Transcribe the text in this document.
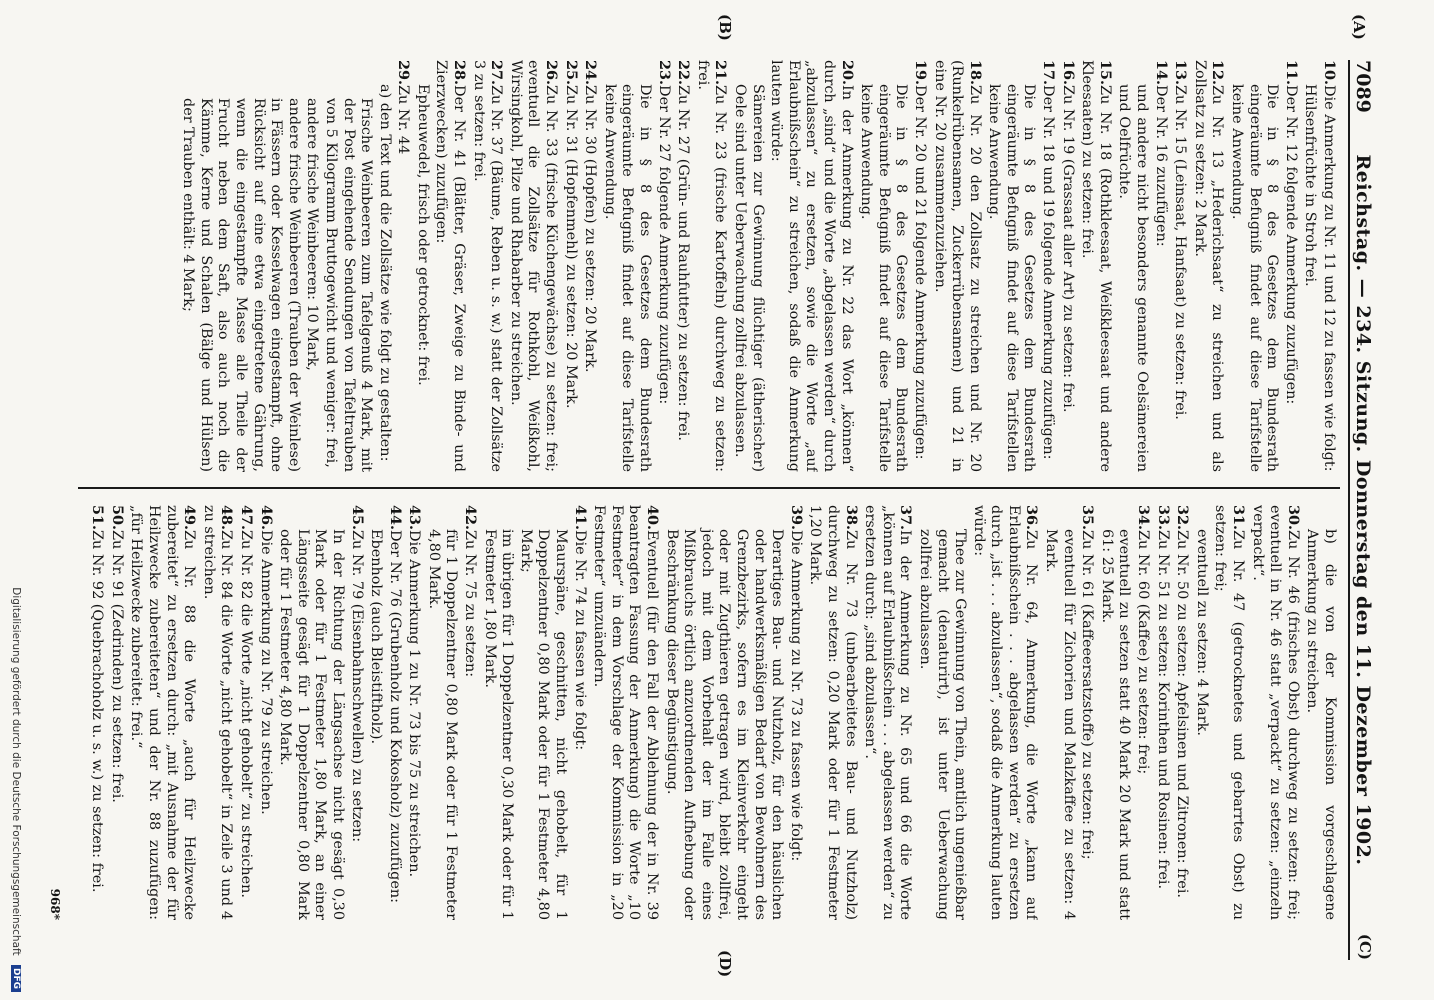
7089
Reichstag. — 234. Sitzung. Donnerstag den 11. Dezember 1902.
(C)
(A)
(B)
(D)
10.Die Anmerkung zu Nr. 11 und 12 zu fassen wie folgt:
Hülsenfrüchte in Stroh frei.
11.Der Nr. 12 folgende Anmerkung zuzufügen:
Die in § 8 des Gesetzes dem Bundesrath eingeräumte Befugniß findet auf diese Tarifstelle keine Anwendung.
12.Zu Nr. 13 „Hederichsaat“ zu streichen und als Zollsatz zu setzen: 2 Mark.
13.Zu Nr. 15 (Leinsaat, Hanfsaat) zu setzen: frei.
14.Der Nr. 16 zuzufügen:
und andere nicht besonders genannte Oelsämereien und Oelfrüchte.
15.Zu Nr. 18 (Rothkleesaat, Weißkleesaat und andere Kleesaaten) zu setzen: frei.
16.Zu Nr. 19 (Grassaat aller Art) zu setzen: frei.
17.Der Nr. 18 und 19 folgende Anmerkung zuzufügen:
Die in § 8 des Gesetzes dem Bundesrath eingeräumte Befugniß findet auf diese Tarifstellen keine Anwendung.
18.Zu Nr. 20 den Zollsatz zu streichen und Nr. 20 (Runkelrübensamen, Zuckerrübensamen) und 21 in eine Nr. 20 zusammenzuziehen.
19.Der Nr. 20 und 21 folgende Anmerkung zuzufügen:
Die in § 8 des Gesetzes dem Bundesrath eingeräumte Befugniß findet auf diese Tarifstelle keine Anwendung.
20.In der Anmerkung zu Nr. 22 das Wort „können“ durch „sind“ und die Worte „abgelassen werden“ durch „abzulassen“ zu ersetzen, sowie die Worte „auf Erlaubnißschein“ zu streichen, sodaß die Anmerkung lauten würde:
Sämereien zur Gewinnung flüchtiger (ätherischer) Oele sind unter Ueberwachung zollfrei abzulassen.
21.Zu Nr. 23 (frische Kartoffeln) durchweg zu setzen: frei.
22.Zu Nr. 27 (Grün- und Rauhfutter) zu setzen: frei.
23.Der Nr. 27 folgende Anmerkung zuzufügen:
Die in § 8 des Gesetzes dem Bundesrath eingeräumte Befugniß findet auf diese Tarifstelle keine Anwendung.
24.Zu Nr. 30 (Hopfen) zu setzen: 20 Mark.
25.Zu Nr. 31 (Hopfenmehl) zu setzen: 20 Mark.
26.Zu Nr. 33 (frische Küchengewächse) zu setzen: frei; eventuell die Zollsätze für Rothkohl, Weißkohl, Wirsingkohl, Pilze und Rhabarber zu streichen.
27.Zu Nr. 37 (Bäume, Reben u. s. w.) statt der Zollsätze 3 zu setzen: frei.
28.Der Nr. 41 (Blätter, Gräser, Zweige zu Binde- und Zierzwecken) zuzufügen:
Epheuwedel, frisch oder getrocknet: frei.
29.Zu Nr. 44
a) den Text und die Zollsätze wie folgt zu gestalten:
Frische Weinbeeren zum Tafelgenuß 4 Mark, mit der Post eingehende Sendungen von Tafeltrauben von 5 Kilogramm Bruttogewicht und weniger: frei,
andere frische Weinbeeren: 10 Mark,
andere frische Weinbeeren (Trauben der Weinlese) in Fässern oder Kesselwagen eingestampft, ohne Rücksicht auf eine etwa eingetretene Gährung, wenn die eingestampfte Masse alle Theile der Frucht neben dem Saft, also auch noch die Kämme, Kerne und Schalen (Bälge und Hülsen) der Trauben enthält: 4 Mark;
b) die von der Kommission vorgeschlagene Anmerkung zu streichen.
30.Zu Nr. 46 (frisches Obst) durchweg zu setzen: frei; eventuell in Nr. 46 statt „verpackt“ zu setzen: „einzeln verpackt“.
31.Zu Nr. 47 (getrocknetes und gebarrtes Obst) zu setzen: frei;
eventuell zu setzen: 4 Mark.
32.Zu Nr. 50 zu setzen: Apfelsinen und Zitronen: frei.
33.Zu Nr. 51 zu setzen: Korinthen und Rosinen: frei.
34.Zu Nr. 60 (Kaffee) zu setzen: frei;
eventuell zu setzen statt 40 Mark 20 Mark und statt 61: 25 Mark.
35.Zu Nr. 61 (Kaffeeersatzstoffe) zu setzen: frei;
eventuell für Zichorien und Malzkaffee zu setzen: 4 Mark.
36.Zu Nr. 64, Anmerkung, die Worte „kann auf Erlaubnißschein . . . abgelassen werden“ zu ersetzen durch „ist . . . abzulassen“, sodaß die Anmerkung lauten würde:
Thee zur Gewinnung von Thein, amtlich ungenießbar gemacht (denaturirt), ist unter Ueberwachung zollfrei abzulassen.
37.In der Anmerkung zu Nr. 65 und 66 die Worte „können auf Erlaubnißschein . . . abgelassen werden“ zu ersetzen durch: „sind abzulassen“.
38.Zu Nr. 73 (unbearbeitetes Bau- und Nutzholz) durchweg zu setzen: 0,20 Mark oder für 1 Festmeter 1,20 Mark.
39.Die Anmerkung zu Nr. 73 zu fassen wie folgt:
Derartiges Bau- und Nutzholz, für den häuslichen oder handwerksmäßigen Bedarf von Bewohnern des Grenzbezirks, sofern es im Kleinverkehr eingeht oder mit Zugthieren getragen wird, bleibt zollfrei, jedoch mit dem Vorbehalt der im Falle eines Mißbrauchs örtlich anzuordnenden Aufhebung oder Beschränkung dieser Begünstigung.
40.Eventuell (für den Fall der Ablehnung der in Nr. 39 beantragten Fassung der Anmerkung) die Worte „10 Festmeter“ in dem Vorschlage der Kommission in „20 Festmeter“ umzuändern.
41.Die Nr. 74 zu fassen wie folgt:
Maurspäne, geschnitten, nicht gehobelt, für 1 Doppelzentner 0,80 Mark oder für 1 Festmeter 4,80 Mark;
im übrigen für 1 Doppelzentner 0,30 Mark oder für 1 Festmeter 1,80 Mark.
42.Zu Nr. 75 zu setzen:
für 1 Doppelzentner 0,80 Mark oder für 1 Festmeter 4,80 Mark.
43.Die Anmerkung 1 zu Nr. 73 bis 75 zu streichen.
44.Der Nr. 76 (Grubenholz und Kokosholz) zuzufügen:
Ebenholz (auch Bleistiftholz).
45.Zu Nr. 79 (Eisenbahnschwellen) zu setzen:
In der Richtung der Längsachse nicht gesägt 0,30 Mark oder für 1 Festmeter 1,80 Mark, an einer Längsseite gesägt für 1 Doppelzentner 0,80 Mark oder für 1 Festmeter 4,80 Mark.
46.Die Anmerkung zu Nr. 79 zu streichen.
47.Zu Nr. 82 die Worte „nicht gehobelt“ zu streichen.
48.Zu Nr. 84 die Worte „nicht gehobelt“ in Zeile 3 und 4 zu streichen.
49.Zu Nr. 88 die Worte „auch für Heilzwecke zubereitet“ zu ersetzen durch: „mit Ausnahme der für Heilzwecke zubereiteten“ und der Nr. 88 zuzufügen: „für Heilzwecke zubereitet: frei.“
50.Zu Nr. 91 (Zedrinden) zu setzen: frei.
51.Zu Nr. 92 (Quebrachoholz u. s. w.) zu setzen: frei.
968*
Digitalisierung gefördert durch die Deutsche Forschungsgemeinschaft DFG
